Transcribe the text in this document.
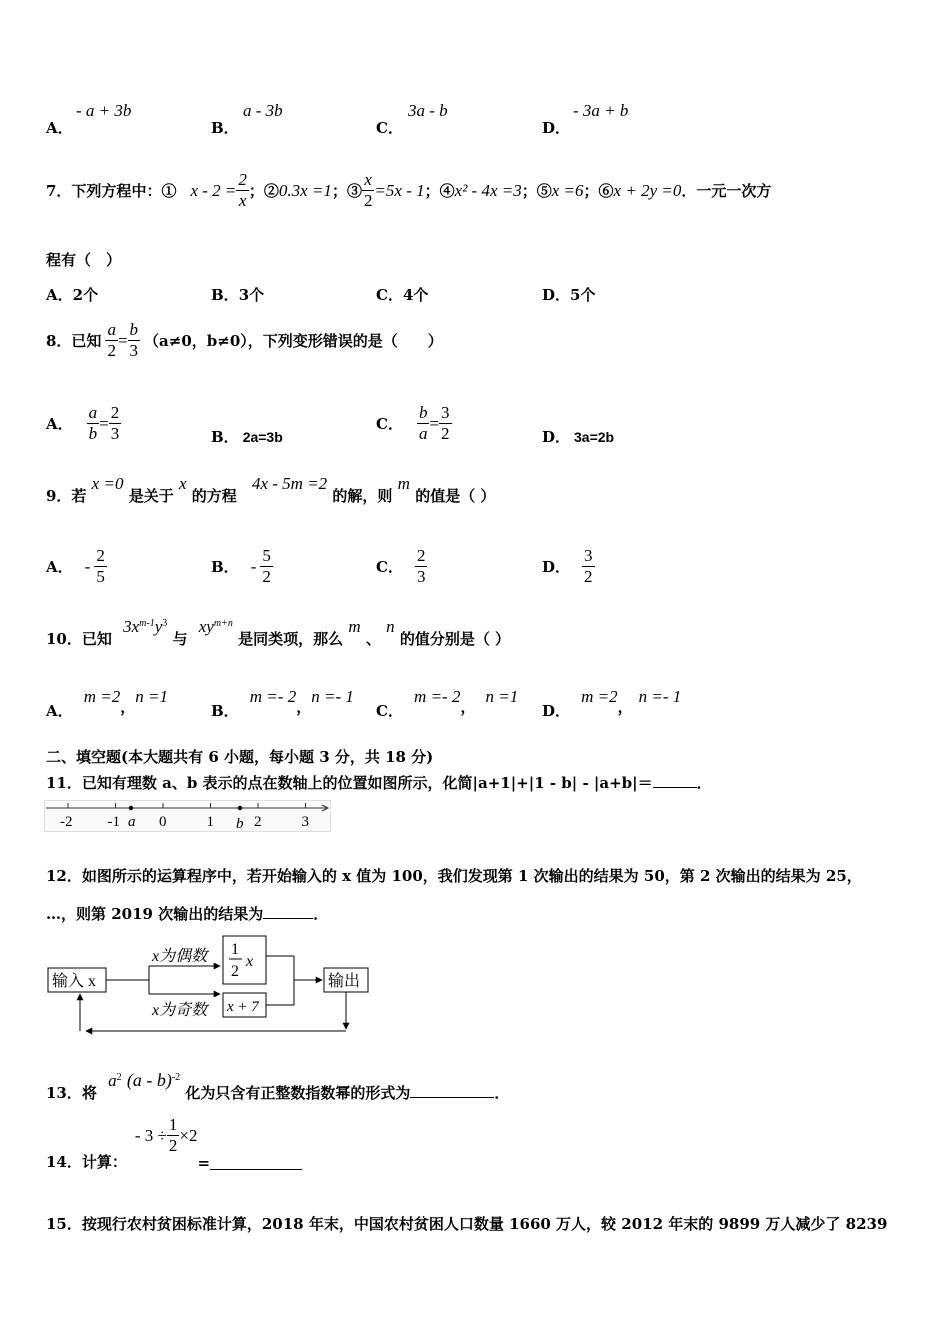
A．
- a + 3b
B．
a - 3b
C．
3a - b
D．
- 3a + b
7．下列方程中：① $x - 2 = \frac{2}{x}$ ；② 0.3x =1 ；③ $\frac{x}{2} =5x - 1$ ；④ x² - 4x =3 ；⑤ x =6 ；⑥ x + 2y =0 ．一元一次方
程有（　）
A．2个	B．3个	C．4个	D．5个
8．已知 $\frac{a}{2} = \frac{b}{3} (a\ne 0$，b≠0），下列变形错误的是（　　）
A． $\frac{a}{b} = \frac{2}{3}$	B． 2a=3b
C． $\frac{b}{a} = \frac{3}{2}$	D． 3a=2b
9．若 x =0 是关于 x 的方程 4x - 5m =2 的解，则 m 的值是（ ）
A． - $\frac{2}{5}$	B． - $\frac{5}{2}$	C． $\frac{2}{3}$	D． $\frac{3}{2}$
10．已知 $3x^{m-1}y^3$ 与 $xy^{m+n}$ 是同类项，那么 m 、 n 的值分别是（ ）
A． m =2，n =1
B． m =- 2，n =- 1
C． m =- 2，n =1
D． m =2，n =- 1
二、填空题(本大题共有 6 小题，每小题 3 分，共 18 分)
11．已知有理数 a、b 表示的点在数轴上的位置如图所示，化简|a+1|+|1 - b| - |a+b|＝	．
-2 -1	0	1	2	3
a	b
12．如图所示的运算程序中，若开始输入的 x 值为 100，我们发现第 1 次输出的结果为 50，第 2 次输出的结果为 25，
…，则第 2019 次输出的结果为	．
输入 x
x为偶数
x为奇数
1
2
x
x + 7
输出
13．将 $a^2$ (a - b)$^{-2}$ 化为只含有正整数指数幂的形式为	．
14．计算：
- $3 \div \frac{1}{2} \times 2$
=
15．按现行农村贫困标准计算，2018 年末，中国农村贫困人口数量 1660 万人，较 2012 年末的 9899 万人减少了 8239
